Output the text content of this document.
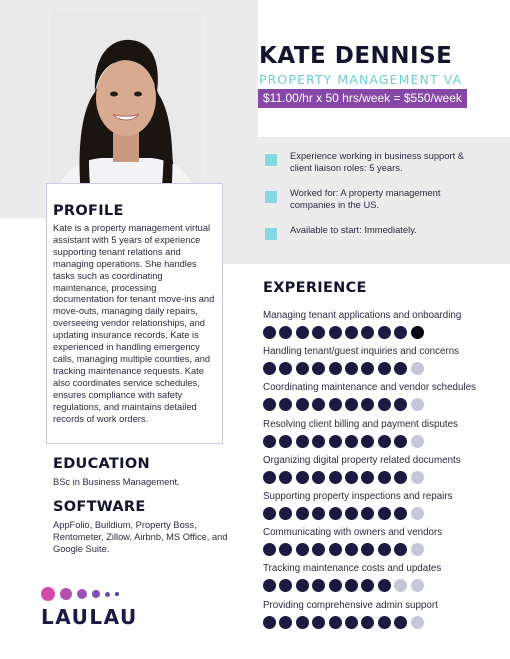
KATE DENNISE
PROPERTY MANAGEMENT VA
$11.00/hr x 50 hrs/week = $550/week
Experience working in business support & client liaison roles: 5 years.
Worked for: A property management companies in the US.
Available to start: Immediately.
PROFILE
Kate is a property management virtual assistant with 5 years of experience supporting tenant relations and managing operations. She handles tasks such as coordinating maintenance, processing documentation for tenant move-ins and move-outs, managing daily repairs, overseeing vendor relationships, and updating insurance records. Kate is experienced in handling emergency calls, managing multiple counties, and tracking maintenance requests. Kate also coordinates service schedules, ensures compliance with safety regulations, and maintains detailed records of work orders.
EDUCATION
BSc in Business Management.
SOFTWARE
AppFolio, Buildium, Property Boss, Rentometer, Zillow, Airbnb, MS Office, and Google Suite.
EXPERIENCE
Managing tenant applications and onboarding
Handling tenant/guest inquiries and concerns
Coordinating maintenance and vendor schedules
Resolving client billing and payment disputes
Organizing digital property related documents
Supporting property inspections and repairs
Communicating with owners and vendors
Tracking maintenance costs and updates
Providing comprehensive admin support
LAULAU
